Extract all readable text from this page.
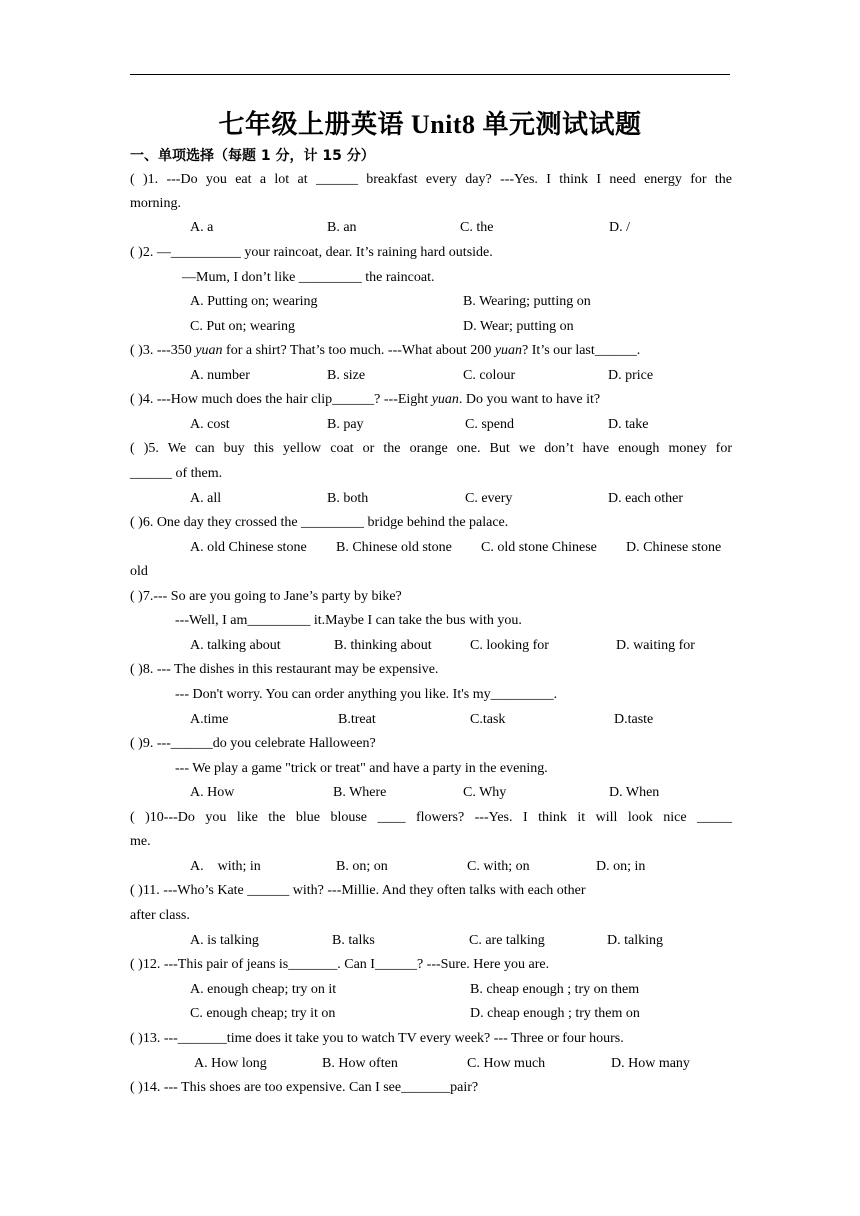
七年级上册英语 Unit8 单元测试试题
一、单项选择（每题 1 分，计 15 分）
( )1. ---Do you eat a lot at ______ breakfast every day? ---Yes. I think I need energy for the
morning.
A. a	B. an	C. the	D. /
( )2. —__________ your raincoat, dear. It’s raining hard outside.
—Mum, I don’t like _________ the raincoat.
A. Putting on; wearing	B. Wearing; putting on
C. Put on; wearing	D. Wear; putting on
( )3. ---350 yuan for a shirt? That’s too much. ---What about 200 yuan? It’s our last______.
A. number	B. size	C. colour	D. price
( )4. ---How much does the hair clip______? ---Eight yuan. Do you want to have it?
A. cost	B. pay	C. spend	D. take
( )5. We can buy this yellow coat or the orange one. But we don’t have enough money for
______ of them.
A. all	B. both	C. every	D. each other
( )6. One day they crossed the _________ bridge behind the palace.
A. old Chinese stone B. Chinese old stone C. old stone Chinese D. Chinese stone
old
( )7.--- So are you going to Jane’s party by bike?
---Well, I am_________ it.Maybe I can take the bus with you.
A. talking about	B. thinking about	C. looking for	D. waiting for
( )8. --- The dishes in this restaurant may be expensive.
--- Don't worry. You can order anything you like. It's my_________.
A.time	B.treat	C.task	D.taste
( )9. ---______do you celebrate Halloween?
--- We play a game "trick or treat" and have a party in the evening.
A. How	B. Where	C. Why	D. When
( )10---Do you like the blue blouse ____ flowers? ---Yes. I think it will look nice _____
me.
A.    with; in	B. on; on	C. with; on	D. on; in
( )11. ---Who’s Kate ______ with? ---Millie. And they often talks with each other
after class.
A. is talking	B. talks	C. are talking	D. talking
( )12. ---This pair of jeans is_______. Can I______? ---Sure. Here you are.
A. enough cheap; try on it	B. cheap enough ; try on them
C. enough cheap; try it on	D. cheap enough ; try them on
( )13. ---_______time does it take you to watch TV every week? --- Three or four hours.
A. How long	B. How often	C. How much	D. How many
( )14. --- This shoes are too expensive. Can I see_______pair?
